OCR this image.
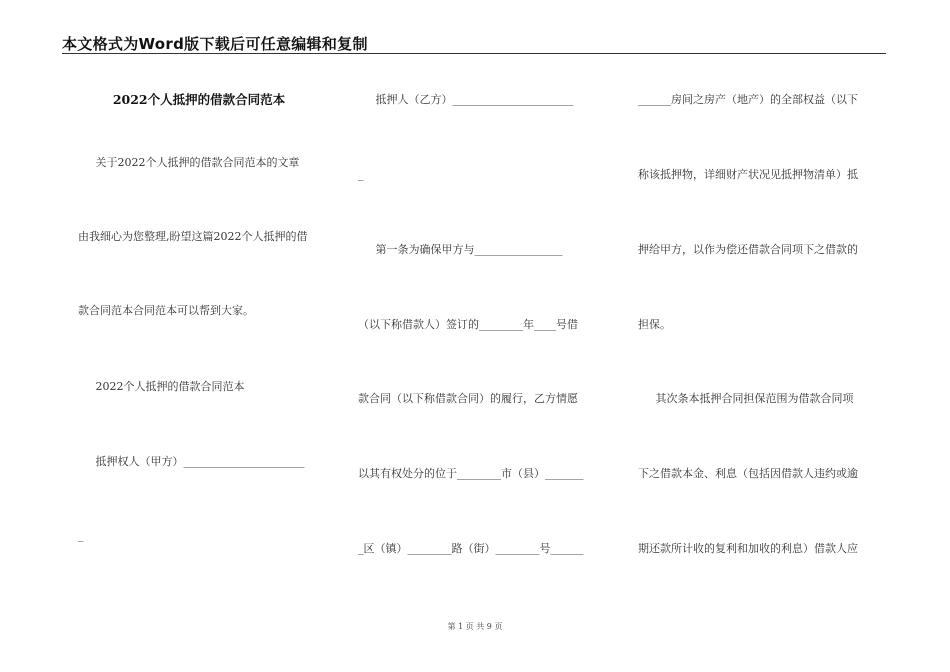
本文格式为Word版下载后可任意编辑和复制
2022个人抵押的借款合同范本
关于2022个人抵押的借款合同范本的文章
由我细心为您整理,盼望这篇2022个人抵押的借
款合同范本合同范本可以帮到大家。
2022个人抵押的借款合同范本
抵押权人（甲方）______________________
_
抵押人（乙方）______________________
_
第一条为确保甲方与________________
（以下称借款人）签订的________年____号借
款合同（以下称借款合同）的履行，乙方情愿
以其有权处分的位于________市（县）_______
_区（镇）________路（街）________号______
______房间之房产（地产）的全部权益（以下
称该抵押物，详细财产状况见抵押物清单）抵
押给甲方，以作为偿还借款合同项下之借款的
担保。
其次条本抵押合同担保范围为借款合同项
下之借款本金、利息（包括因借款人违约或逾
期还款所计收的复利和加收的利息）借款人应
第 1 页 共 9 页
